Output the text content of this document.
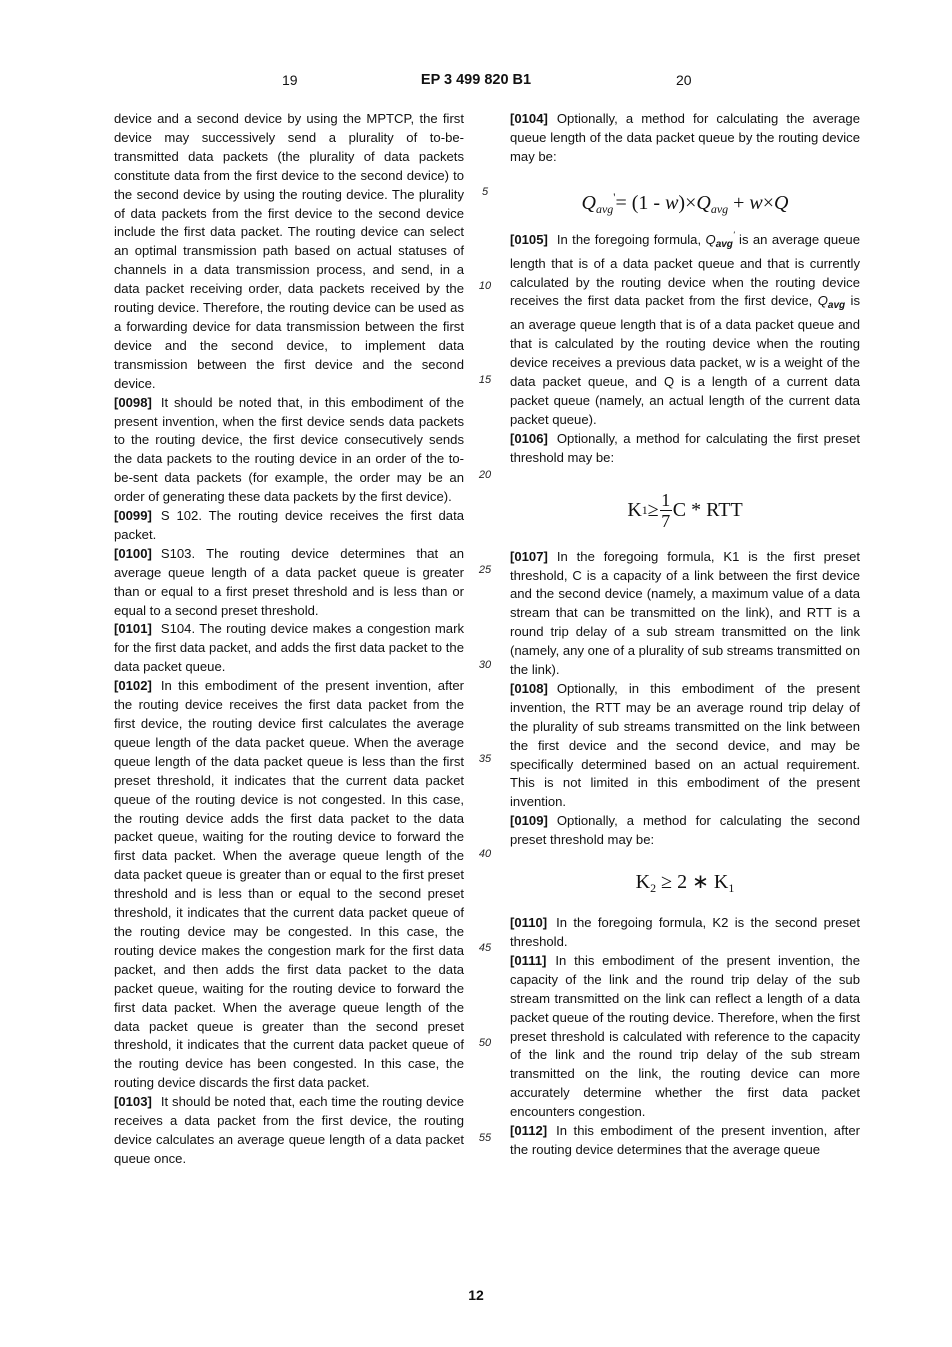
19	EP 3 499 820 B1	20

device and a second device by using the MPTCP, the first device may successively send a plurality of to-be-transmitted data packets (the plurality of data packets constitute data from the first device to the second device) to the second device by using the routing device. The plurality of data packets from the first device to the second device include the first data packet. The routing device can select an optimal transmission path based on actual statuses of channels in a data transmission process, and send, in a data packet receiving order, data packets received by the routing device. Therefore, the routing device can be used as a forwarding device for data transmission between the first device and the second device, to implement data transmission between the first device and the second device.

[0098] It should be noted that, in this embodiment of the present invention, when the first device sends data packets to the routing device, the first device consecutively sends the data packets to the routing device in an order of the to-be-sent data packets (for example, the order may be an order of generating these data packets by the first device).

[0099] S 102. The routing device receives the first data packet.

[0100] S103. The routing device determines that an average queue length of a data packet queue is greater than or equal to a first preset threshold and is less than or equal to a second preset threshold.

[0101] S104. The routing device makes a congestion mark for the first data packet, and adds the first data packet to the data packet queue.

[0102] In this embodiment of the present invention, after the routing device receives the first data packet from the first device, the routing device first calculates the average queue length of the data packet queue. When the average queue length of the data packet queue is less than the first preset threshold, it indicates that the current data packet queue of the routing device is not congested. In this case, the routing device adds the first data packet to the data packet queue, waiting for the routing device to forward the first data packet. When the average queue length of the data packet queue is greater than or equal to the first preset threshold and is less than or equal to the second preset threshold, it indicates that the current data packet queue of the routing device may be congested. In this case, the routing device makes the congestion mark for the first data packet, and then adds the first data packet to the data packet queue, waiting for the routing device to forward the first data packet. When the average queue length of the data packet queue is greater than the second preset threshold, it indicates that the current data packet queue of the routing device has been congested. In this case, the routing device discards the first data packet.

[0103] It should be noted that, each time the routing device receives a data packet from the first device, the routing device calculates an average queue length of a data packet queue once.

5
10
15
20
25
30
35
40
45
50
55

[0104] Optionally, a method for calculating the average queue length of the data packet queue by the routing device may be:

$Q_{avg}'= (1 - w)\times Q_{avg} + w\times Q$

[0105] In the foregoing formula, $Q_{avg}'$ is an average queue length that is of a data packet queue and that is currently calculated by the routing device when the routing device receives the first data packet from the first device, $Q_{avg}$ is an average queue length that is of a data packet queue and that is calculated by the routing device when the routing device receives a previous data packet, w is a weight of the data packet queue, and Q is a length of a current data packet queue (namely, an actual length of the current data packet queue).

[0106] Optionally, a method for calculating the first preset threshold may be:

K $1 \ge \frac{1}{7}$ C * RTT

[0107] In the foregoing formula, K1 is the first preset threshold, C is a capacity of a link between the first device and the second device (namely, a maximum value of a data stream that can be transmitted on the link), and RTT is a round trip delay of a sub stream transmitted on the link (namely, any one of a plurality of sub streams transmitted on the link).

[0108] Optionally, in this embodiment of the present invention, the RTT may be an average round trip delay of the plurality of sub streams transmitted on the link between the first device and the second device, and may be specifically determined based on an actual requirement. This is not limited in this embodiment of the present invention.

[0109] Optionally, a method for calculating the second preset threshold may be:

$K_2 \ge 2$ ∗ $K_1$

[0110] In the foregoing formula, K2 is the second preset threshold.

[0111] In this embodiment of the present invention, the capacity of the link and the round trip delay of the sub stream transmitted on the link can reflect a length of a data packet queue of the routing device. Therefore, when the first preset threshold is calculated with reference to the capacity of the link and the round trip delay of the sub stream transmitted on the link, the routing device can more accurately determine whether the first data packet encounters congestion.

[0112] In this embodiment of the present invention, after the routing device determines that the average queue

12
